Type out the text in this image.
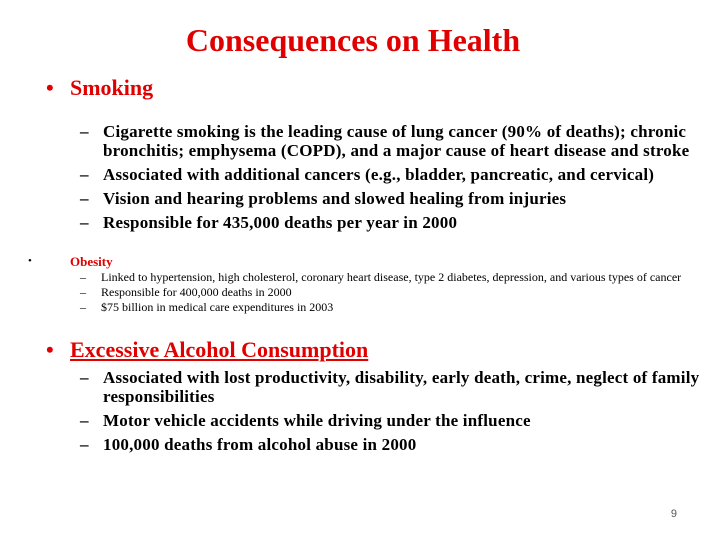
Consequences on Health

• Smoking

– Cigarette smoking is the leading cause of lung cancer (90% of deaths); chronic bronchitis; emphysema (COPD), and a major cause of heart disease and stroke
– Associated with additional cancers (e.g., bladder, pancreatic, and cervical)
– Vision and hearing problems and slowed healing from injuries
– Responsible for 435,000 deaths per year in 2000

•	Obesity

– Linked to hypertension, high cholesterol, coronary heart disease, type 2 diabetes, depression, and various types of cancer
– Responsible for 400,000 deaths in 2000
– $75 billion in medical care expenditures in 2003

• Excessive Alcohol Consumption

– Associated with lost productivity, disability, early death, crime, neglect of family responsibilities
– Motor vehicle accidents while driving under the influence
– 100,000 deaths from alcohol abuse in 2000
9
